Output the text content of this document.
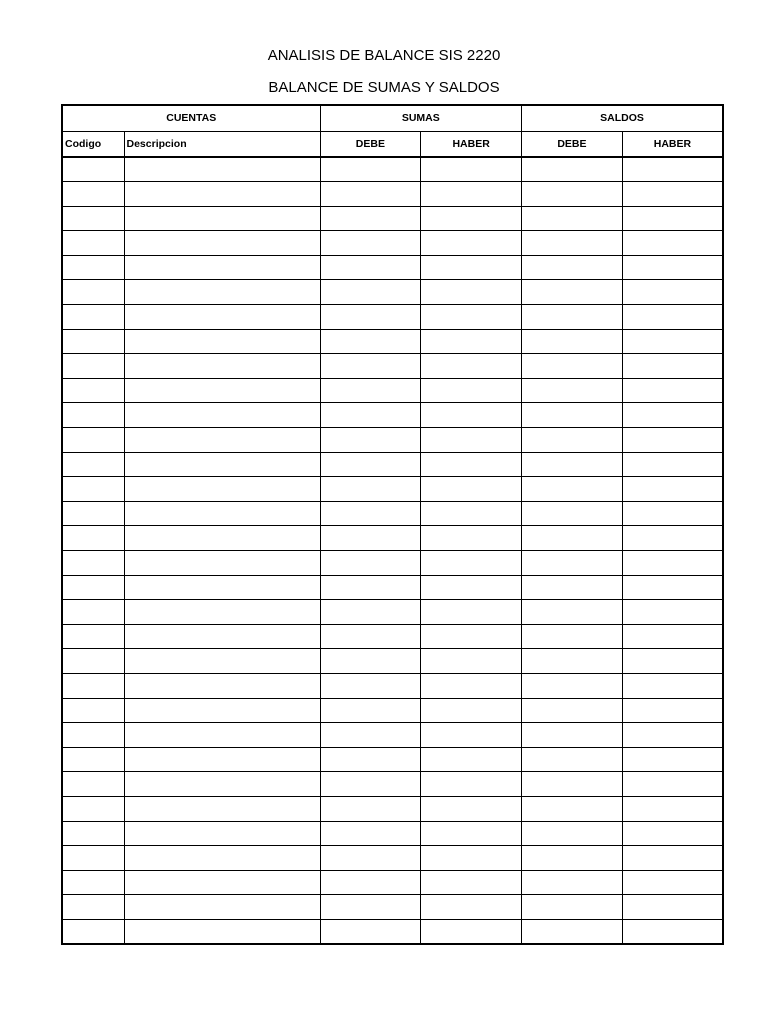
ANALISIS DE BALANCE SIS 2220
BALANCE DE SUMAS Y SALDOS
CUENTAS		SUMAS		SALDOS	
Codigo	Descripcion	DEBE	HABER	DEBE	HABER
